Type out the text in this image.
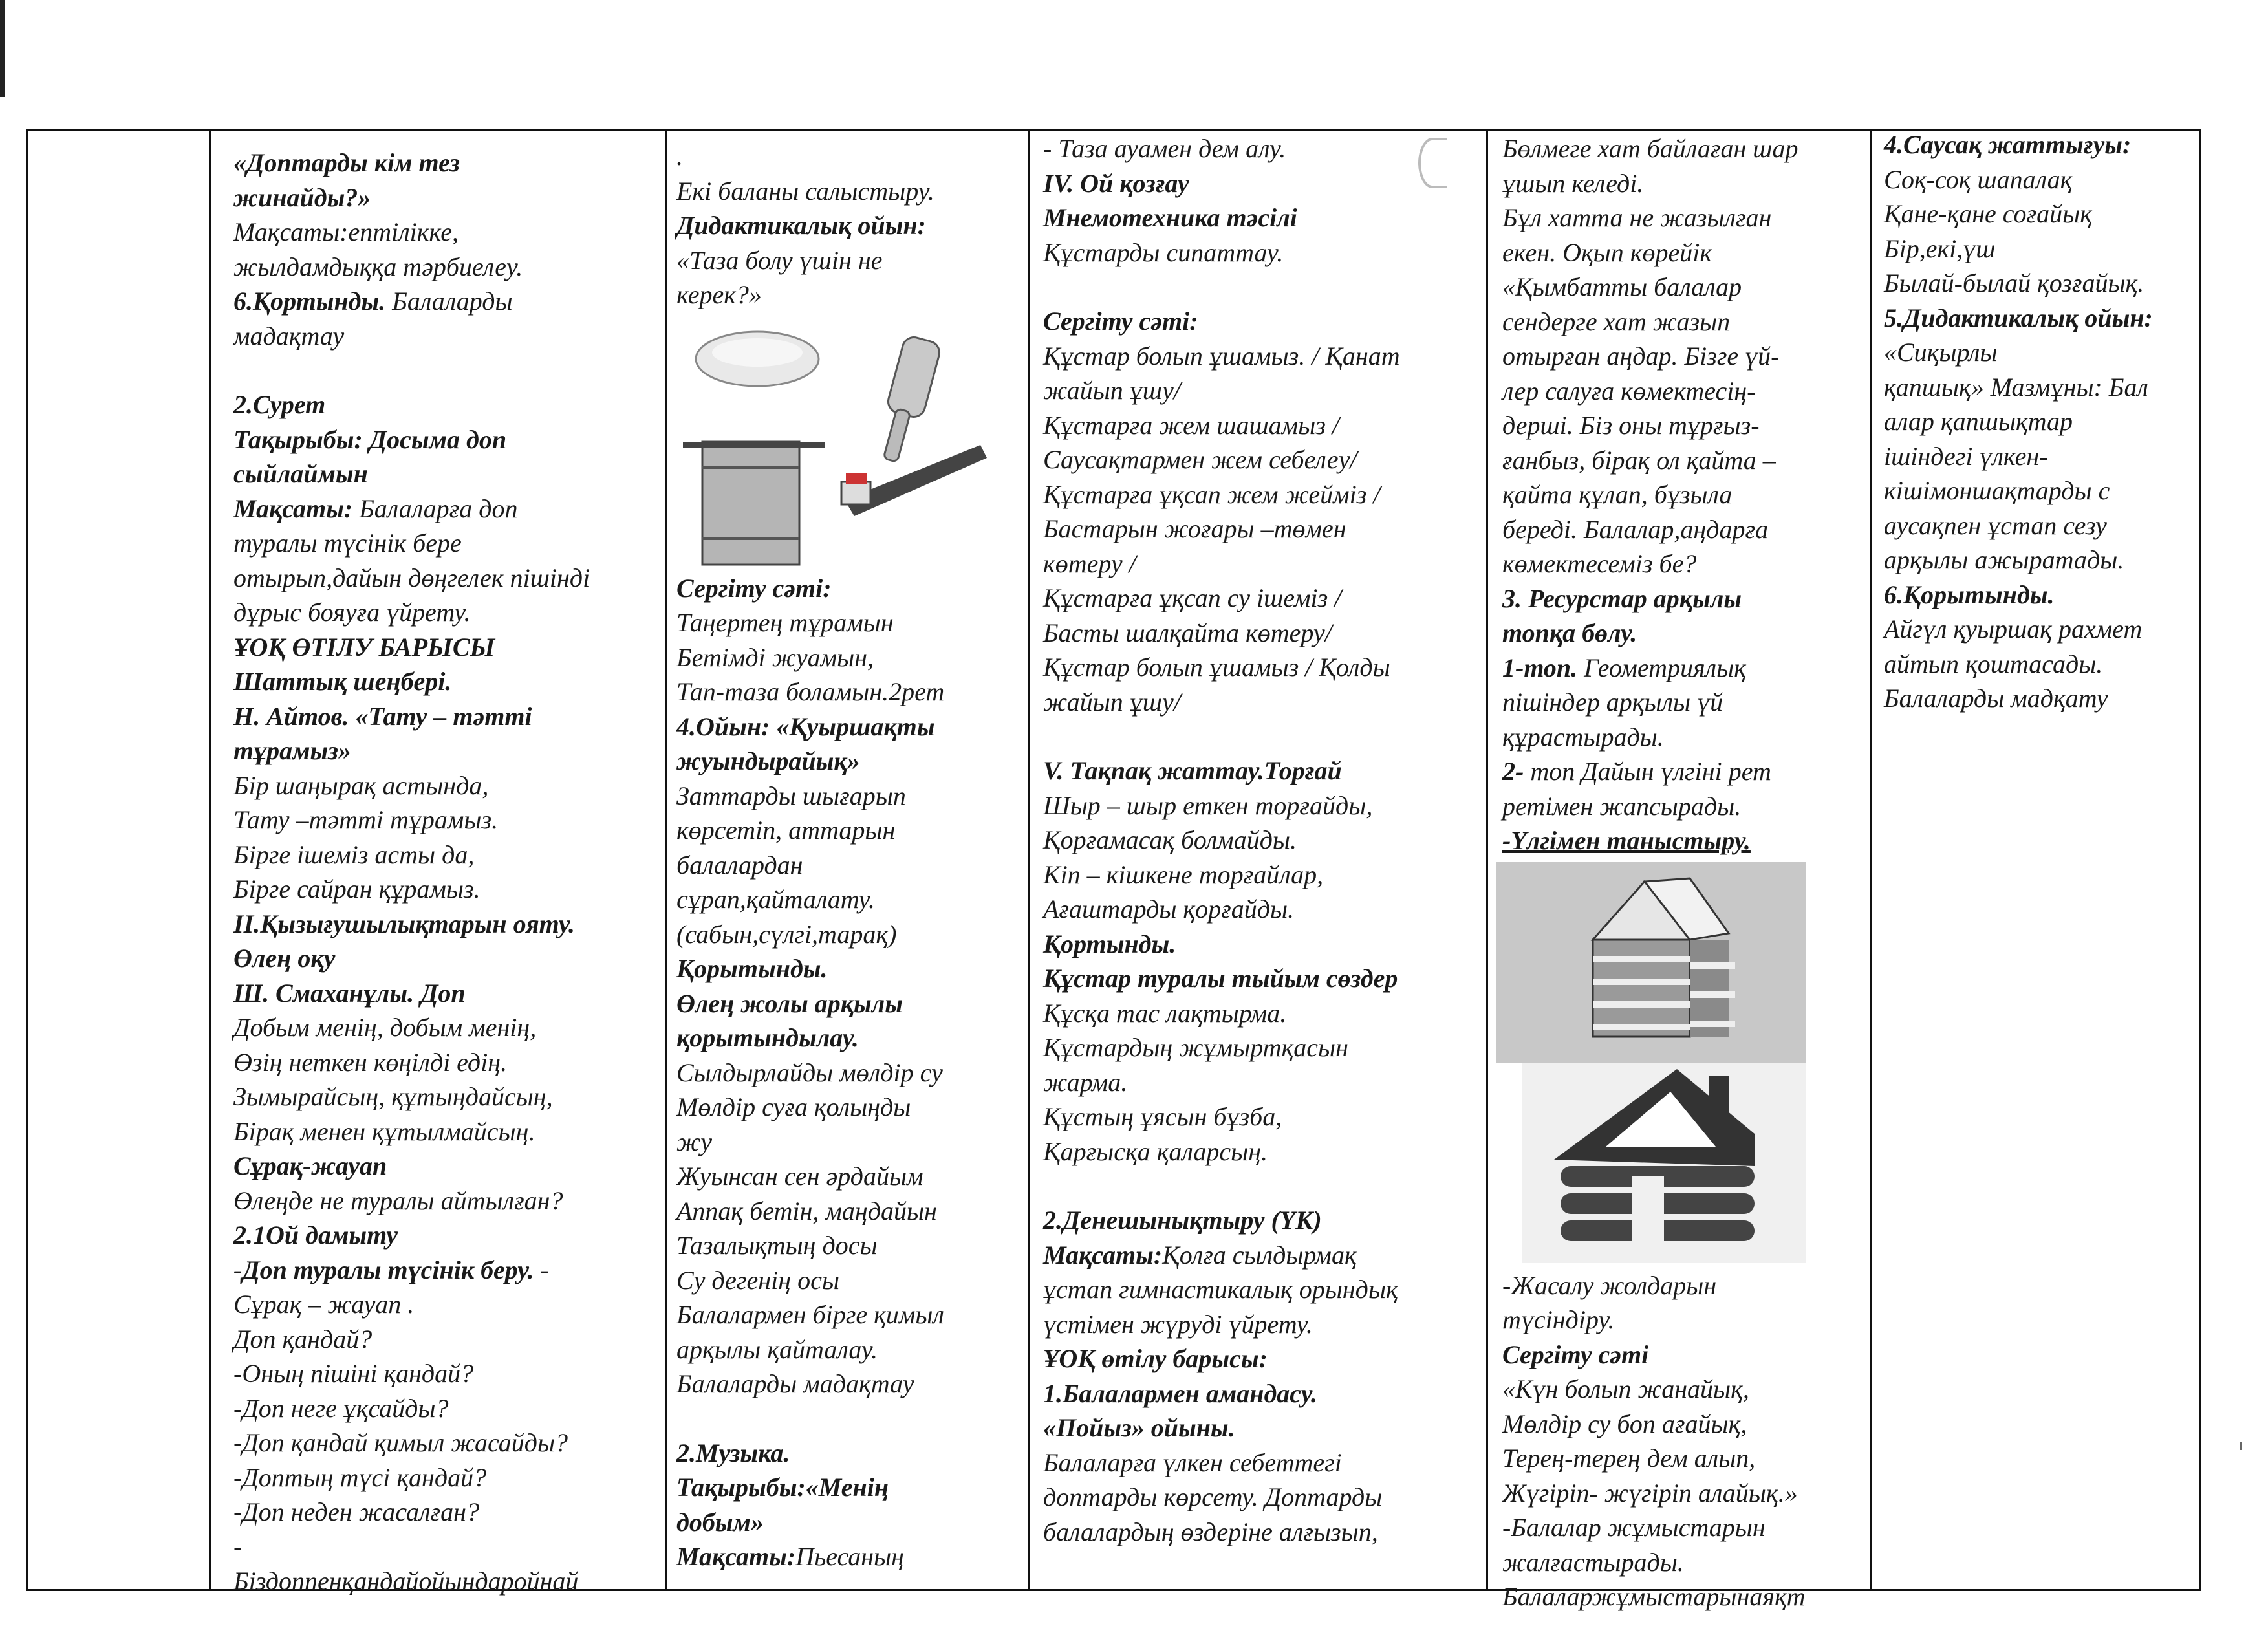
«Доптарды кім тез
жинайды?»
Мақсаты:ептілікке,
жылдамдыққа тәрбиелеу.
6.Қортынды. Балаларды
мадақтау
2.Сурет
Тақырыбы: Досыма доп
сыйлаймын
Мақсаты: Балаларға доп
туралы түсінік бере
отырып,дайын дөңгелек пішінді
дұрыс бояуға үйрету.
ҰОҚ ӨТІЛУ БАРЫСЫ
Шаттық шеңбері.
Н. Айтов. «Тату – тәтті
тұрамыз»
Бір шаңырақ астында,
Тату –тәтті тұрамыз.
Бірге ішеміз асты да,
Бірге сайран құрамыз.
ІІ.Қызығушылықтарын ояту.
Өлең оқу
Ш. Смаханұлы. Доп
Добым менің, добым менің,
Өзің неткен көңілді едің.
Зымырайсың, құтыңдайсың,
Бірақ менен құтылмайсың.
Сұрақ-жауап
Өлеңде не туралы айтылған?
2.1Ой дамыту
-Доп туралы түсінік беру. -
Сұрақ – жауап .
Доп қандай?
-Оның пішіні қандай?
-Доп неге ұқсайды?
-Доп қандай қимыл жасайды?
-Доптың түсі қандай?
-Доп неден жасалған?
-
Біздоппенқандайойындаройнай
.
Екі баланы салыстыру.
Дидактикалық ойын:
«Таза болу үшін не
керек?»
Сергіту сәті:
Таңертең тұрамын
Бетімді жуамын,
Тап-таза боламын.2рет
4.Ойын: «Қуыршақты
жуындырайық»
Заттарды шығарып
көрсетіп, аттарын
балалардан
сұрап,қайталату.
(сабын,сүлгі,тарақ)
Қорытынды.
Өлең жолы арқылы
қорытындылау.
Сылдырлайды мөлдір су
Мөлдір суға қолыңды
жу
Жуынсан сен әрдайым
Аппақ бетін, маңдайын
Тазалықтың досы
Су дегенің осы
Балалармен бірге қимыл
арқылы қайталау.
Балаларды мадақтау
2.Музыка.
Тақырыбы:«Менің
добым»
Мақсаты:Пьесаның
- Таза ауамен дем алу.
ІV. Ой қозғау
Мнемотехника тәсілі
Құстарды сипаттау.
Сергіту сәті:
Құстар болып ұшамыз. / Қанат
жайып ұшу/
Құстарға жем шашамыз /
Саусақтармен жем себелеу/
Құстарға ұқсап жем жейміз /
Бастарын жоғары –төмен
көтеру /
Құстарға ұқсап су ішеміз /
Басты шалқайта көтеру/
Құстар болып ұшамыз / Қолды
жайып ұшу/
V. Тақпақ жаттау.Торғай
Шыр – шыр еткен торғайды,
Қорғамасақ болмайды.
Кіп – кішкене торғайлар,
Ағаштарды қорғайды.
Қортынды.
Құстар туралы тыйым сөздер
Құсқа тас лақтырма.
Құстардың жұмыртқасын
жарма.
Құстың ұясын бұзба,
Қарғысқа қаларсың.
2.Денешынықтыру (ҮК)
Мақсаты:Қолға сылдырмақ
ұстап гимнастикалық орындық
үстімен жүруді үйрету.
ҰОҚ өтілу барысы:
1.Балалармен амандасу.
«Пойыз» ойыны.
Балаларға үлкен себеттегі
доптарды көрсету. Доптарды
балалардың өздеріне алғызып,
Бөлмеге хат байлаған шар
ұшып келеді.
Бұл хатта не жазылған
екен. Оқып көрейік
«Қымбатты балалар
сендерге хат жазып
отырған аңдар. Бізге үй-
лер салуға көмектесің-
дерші. Біз оны тұрғыз-
ғанбыз, бірақ ол қайта –
қайта құлап, бұзыла
береді. Балалар,аңдарға
көмектесеміз бе?
3. Ресурстар арқылы
топқа бөлу.
1-топ. Геометриялық
пішіндер арқылы үй
құрастырады.
2- топ Дайын үлгіні рет
ретімен жапсырады.
-Үлгімен таныстыру.
-Жасалу жолдарын
түсіндіру.
Сергіту сәті
«Күн болып жанайық,
Мөлдір су боп ағайық,
Терең-терең дем алып,
Жүгіріп- жүгіріп алайық.»
-Балалар жұмыстарын
жалғастырады.
Балаларжұмыстарынаяқт
4.Саусақ жаттығуы:
Соқ-соқ шапалақ
Қане-қане соғайық
Бір,екі,үш
Былай-былай қозғайық.
5.Дидактикалық ойын:
«Сиқырлы
қапшық» Мазмұны: Бал
алар қапшықтар
ішіндегі үлкен-
кішімоншақтарды с
аусақпен ұстап сезу
арқылы ажыратады.
6.Қорытынды.
Айгүл қуыршақ рахмет
айтып қоштасады.
Балаларды мадқату
